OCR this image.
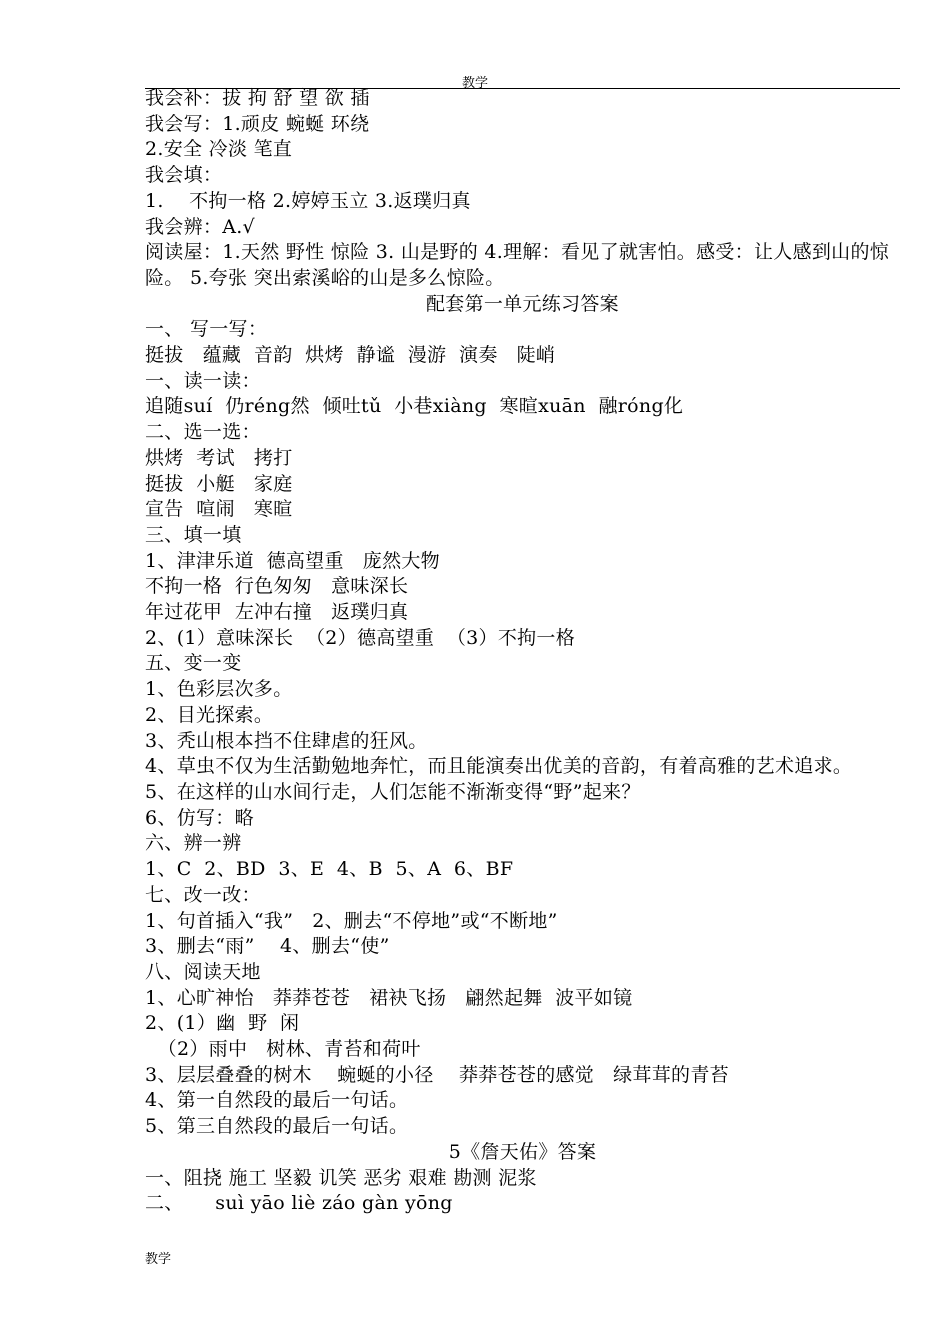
教学
我会补：拔 拘 舒 望 欲 插
我会写：1.顽皮 蜿蜒 环绕
2.安全 冷淡 笔直
我会填：
1.    不拘一格 2.婷婷玉立 3.返璞归真
我会辨：A.√
阅读屋：1.天然 野性 惊险 3. 山是野的 4.理解：看见了就害怕。感受：让人感到山的惊险。 5.夸张 突出索溪峪的山是多么惊险。
配套第一单元练习答案
一、 写一写：
挺拔   蕴藏  音韵  烘烤  静谧  漫游  演奏   陡峭
一、读一读：
追随suí  仍réng然  倾吐tǔ  小巷xiàng  寒暄xuān  融róng化
二、选一选：
烘烤  考试   拷打
挺拔  小艇   家庭
宣告  喧闹   寒暄
三、填一填
1、津津乐道  德高望重   庞然大物
不拘一格  行色匆匆   意味深长
年过花甲  左冲右撞   返璞归真
2、(1）意味深长  （2）德高望重  （3）不拘一格
五、变一变
1、色彩层次多。
2、目光探索。
3、秃山根本挡不住肆虐的狂风。
4、草虫不仅为生活勤勉地奔忙，而且能演奏出优美的音韵，有着高雅的艺术追求。
5、在这样的山水间行走，人们怎能不渐渐变得“野”起来？
6、仿写：略
六、辨一辨
1、C  2、BD  3、E  4、B  5、A  6、BF
七、改一改：
1、句首插入“我”   2、删去“不停地”或“不断地”
3、删去“雨”    4、删去“使”
八、阅读天地
1、心旷神怡   莽莽苍苍   裙袂飞扬   翩然起舞  波平如镜
2、(1）幽  野  闲
（2）雨中   树林、青苔和荷叶
3、层层叠叠的树木    蜿蜒的小径    莽莽苍苍的感觉   绿茸茸的青苔
4、第一自然段的最后一句话。
5、第三自然段的最后一句话。
5《詹天佑》答案
一、阻挠 施工 坚毅 讥笑 恶劣 艰难 勘测 泥浆
二、     suì yāo liè záo gàn yōng
教学
